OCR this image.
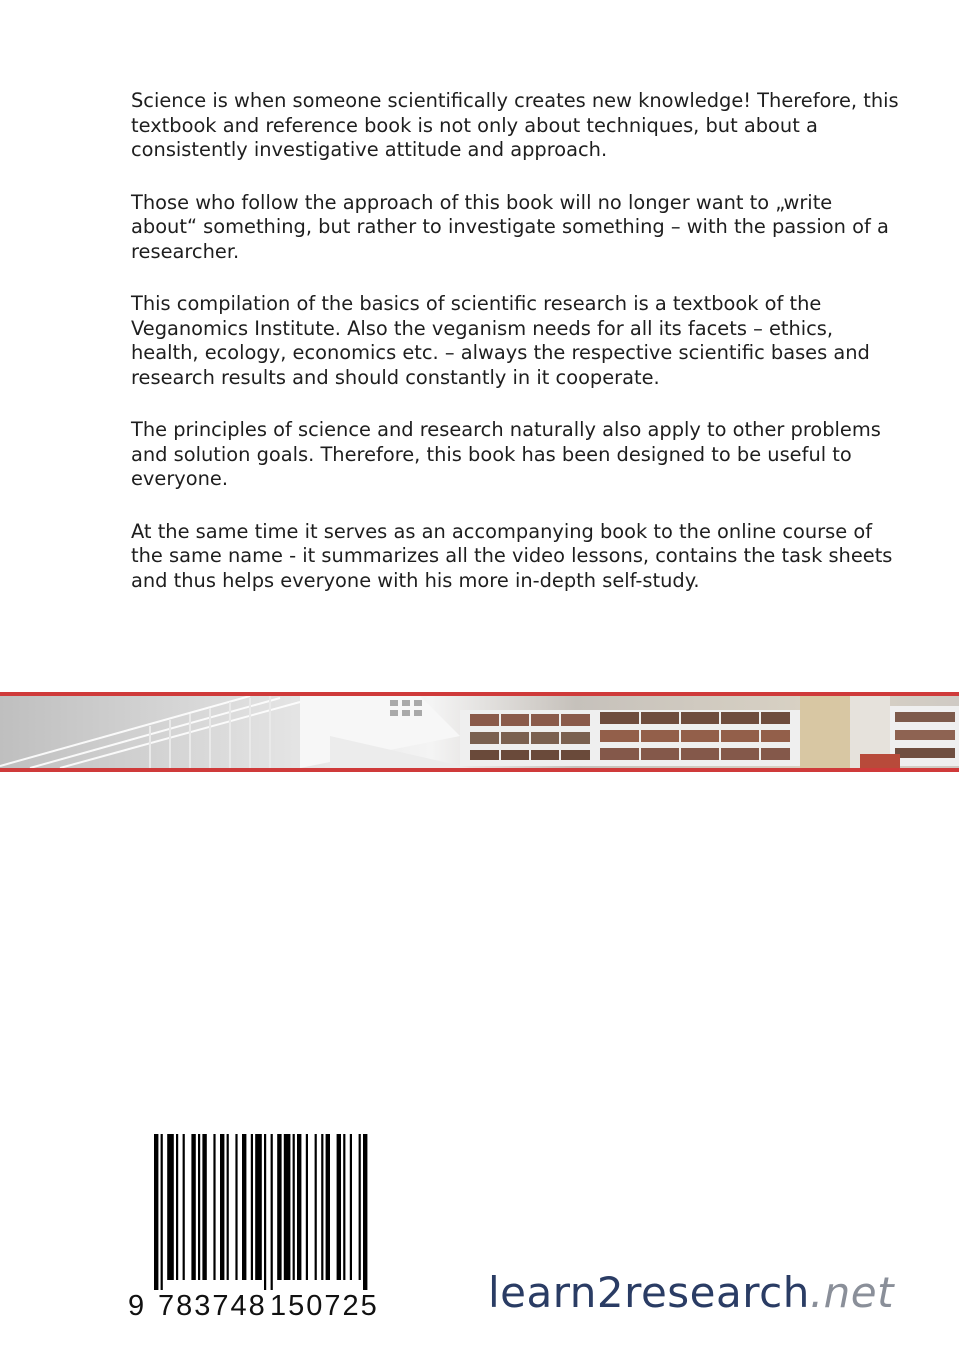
Science is when someone scientifically creates new knowledge! Therefore, this textbook and reference book is not only about techniques, but about a consistently investigative attitude and approach.

Those who follow the approach of this book will no longer want to „write about“ something, but rather to investigate something – with the passion of a researcher.

This compilation of the basics of scientific research is a textbook of the Veganomics Institute. Also the veganism needs for all its facets – ethics, health, ecology, economics etc. – always the respective scientific bases and research results and should constantly in it cooperate.

The principles of science and research naturally also apply to other problems and solution goals. Therefore, this book has been designed to be useful to everyone.

At the same time it serves as an accompanying book to the online course of the same name - it summarizes all the video lessons, contains the task sheets and thus helps everyone with his more in-depth self-study.

9 783748 150725	learn2research.net
